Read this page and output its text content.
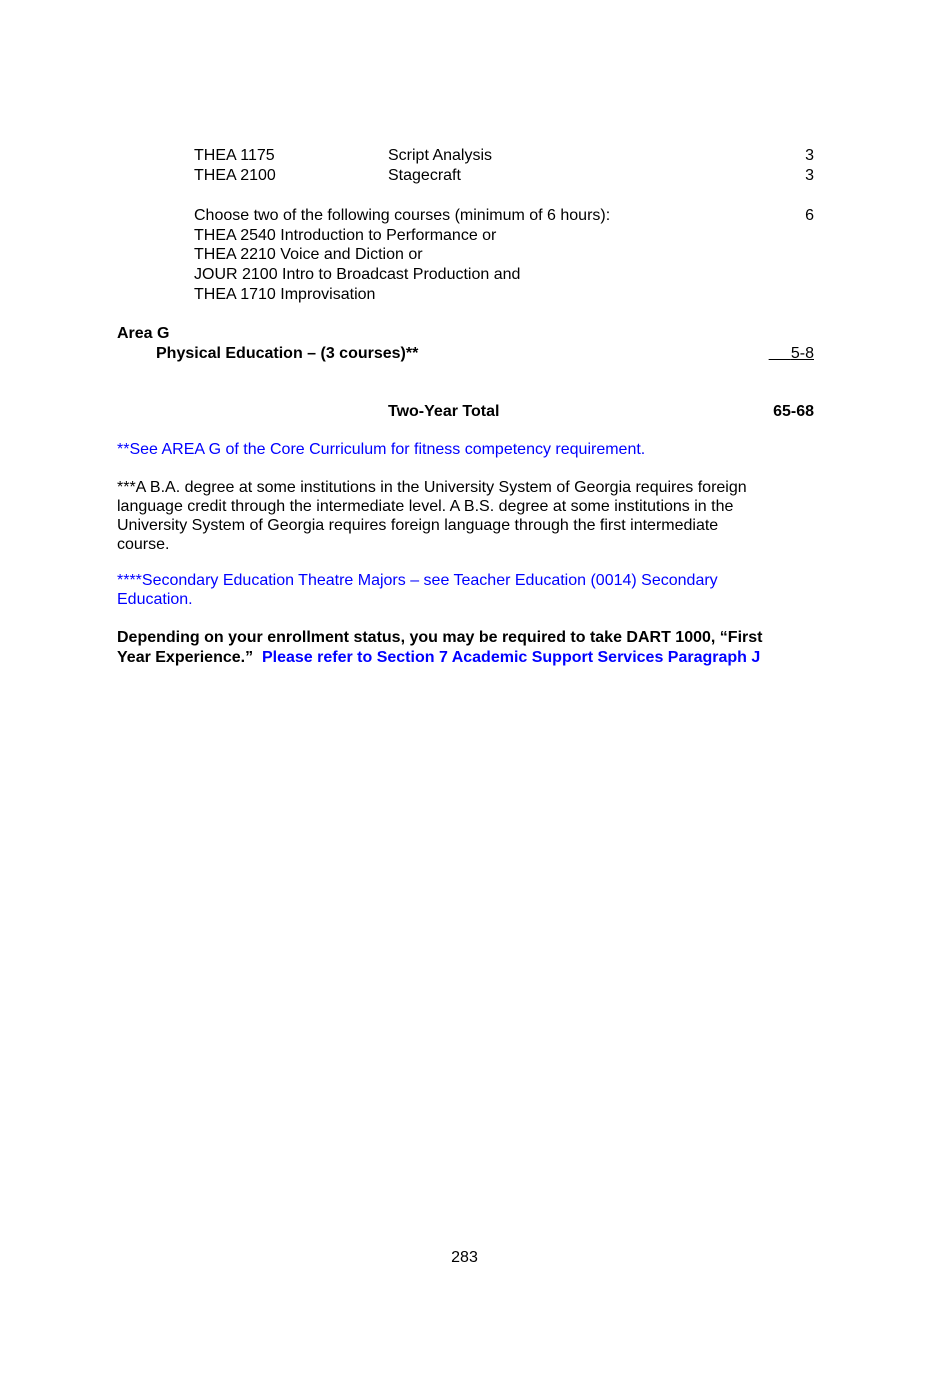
THEA 1175	Script Analysis	3
THEA 2100	Stagecraft	3
Choose two of the following courses (minimum of 6 hours):	6
THEA 2540 Introduction to Performance or
THEA 2210 Voice and Diction or
JOUR 2100 Intro to Broadcast Production and
THEA 1710 Improvisation
Area G
Physical Education – (3 courses)**	5-8
Two-Year Total	65-68
**See AREA G of the Core Curriculum for fitness competency requirement.
***A B.A. degree at some institutions in the University System of Georgia requires foreign
language credit through the intermediate level. A B.S. degree at some institutions in the
University System of Georgia requires foreign language through the first intermediate
course.
****Secondary Education Theatre Majors – see Teacher Education (0014) Secondary
Education.
Depending on your enrollment status, you may be required to take DART 1000, “First
Year Experience.” Please refer to Section 7 Academic Support Services Paragraph J
283
